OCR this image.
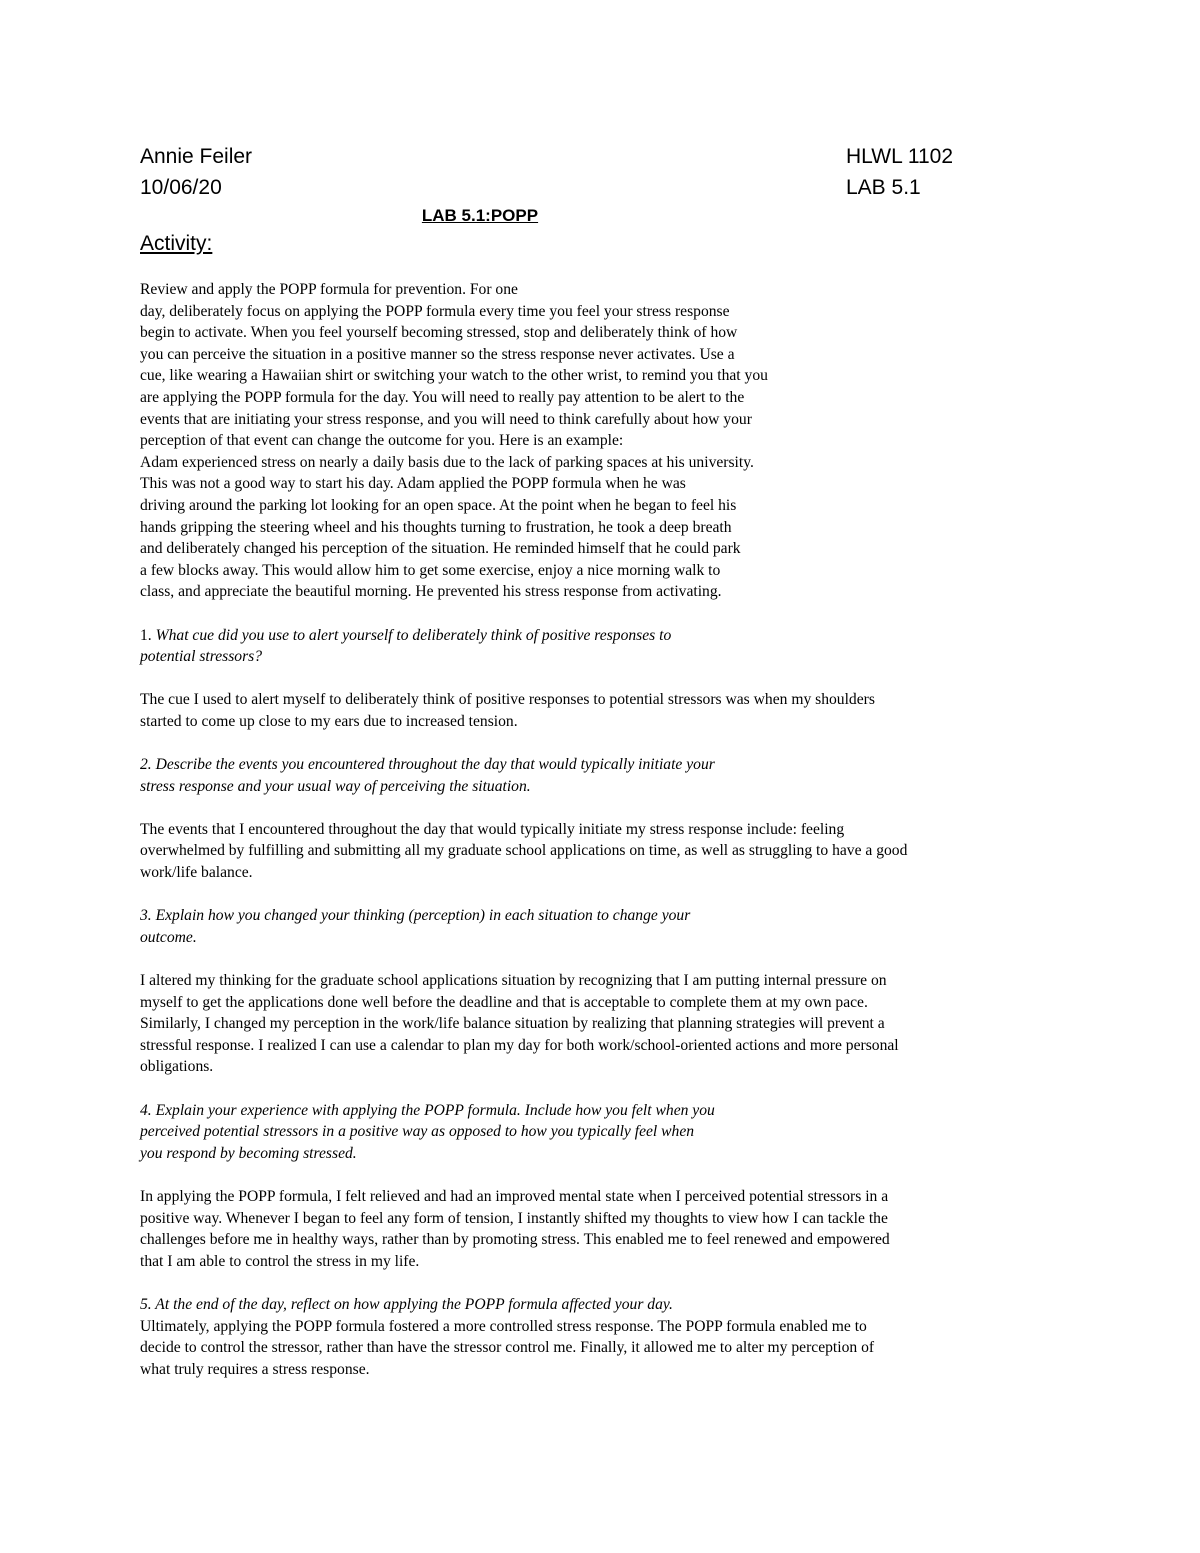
Annie Feiler
10/06/20
HLWL 1102
LAB 5.1
LAB 5.1:POPP
Activity:
Review and apply the POPP formula for prevention. For one
day, deliberately focus on applying the POPP formula every time you feel your stress response
begin to activate. When you feel yourself becoming stressed, stop and deliberately think of how
you can perceive the situation in a positive manner so the stress response never activates. Use a
cue, like wearing a Hawaiian shirt or switching your watch to the other wrist, to remind you that you
are applying the POPP formula for the day. You will need to really pay attention to be alert to the
events that are initiating your stress response, and you will need to think carefully about how your
perception of that event can change the outcome for you. Here is an example:
Adam experienced stress on nearly a daily basis due to the lack of parking spaces at his university.
This was not a good way to start his day. Adam applied the POPP formula when he was
driving around the parking lot looking for an open space. At the point when he began to feel his
hands gripping the steering wheel and his thoughts turning to frustration, he took a deep breath
and deliberately changed his perception of the situation. He reminded himself that he could park
a few blocks away. This would allow him to get some exercise, enjoy a nice morning walk to
class, and appreciate the beautiful morning. He prevented his stress response from activating.
1. What cue did you use to alert yourself to deliberately think of positive responses to
potential stressors?
The cue I used to alert myself to deliberately think of positive responses to potential stressors was when my shoulders
started to come up close to my ears due to increased tension.
2. Describe the events you encountered throughout the day that would typically initiate your
stress response and your usual way of perceiving the situation.
The events that I encountered throughout the day that would typically initiate my stress response include: feeling
overwhelmed by fulfilling and submitting all my graduate school applications on time, as well as struggling to have a good
work/life balance.
3. Explain how you changed your thinking (perception) in each situation to change your
outcome.
I altered my thinking for the graduate school applications situation by recognizing that I am putting internal pressure on
myself to get the applications done well before the deadline and that is acceptable to complete them at my own pace.
Similarly, I changed my perception in the work/life balance situation by realizing that planning strategies will prevent a
stressful response. I realized I can use a calendar to plan my day for both work/school-oriented actions and more personal
obligations.
4. Explain your experience with applying the POPP formula. Include how you felt when you
perceived potential stressors in a positive way as opposed to how you typically feel when
you respond by becoming stressed.
In applying the POPP formula, I felt relieved and had an improved mental state when I perceived potential stressors in a
positive way. Whenever I began to feel any form of tension, I instantly shifted my thoughts to view how I can tackle the
challenges before me in healthy ways, rather than by promoting stress. This enabled me to feel renewed and empowered
that I am able to control the stress in my life.
5. At the end of the day, reflect on how applying the POPP formula affected your day.
Ultimately, applying the POPP formula fostered a more controlled stress response. The POPP formula enabled me to
decide to control the stressor, rather than have the stressor control me. Finally, it allowed me to alter my perception of
what truly requires a stress response.
